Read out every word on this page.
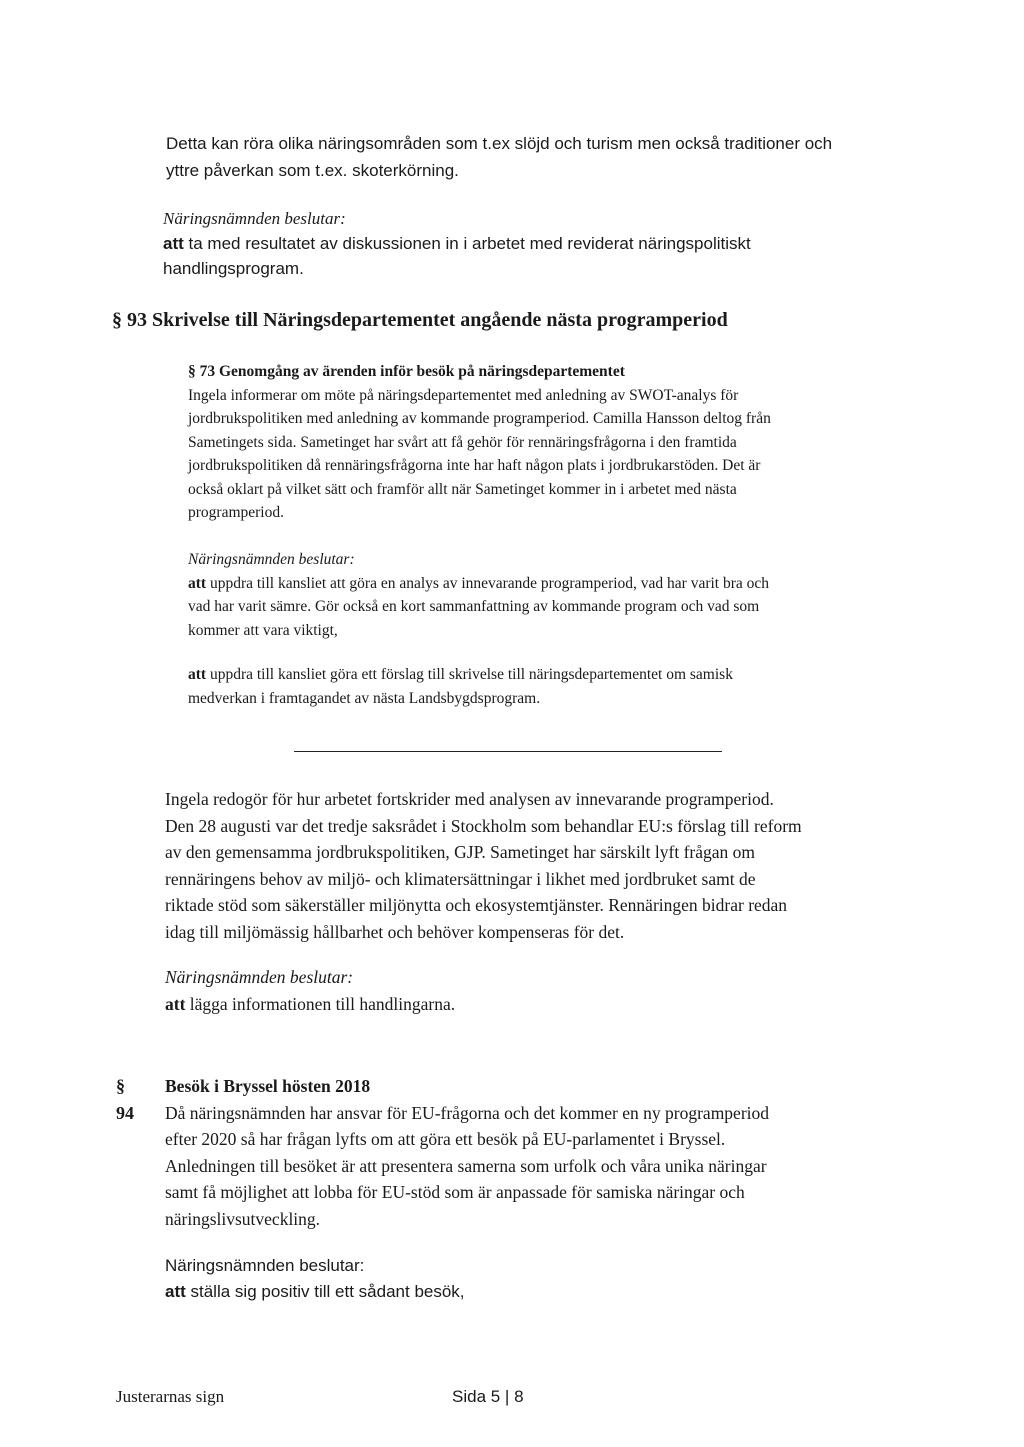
Detta kan röra olika näringsområden som t.ex slöjd och turism men också traditioner och

yttre påverkan som t.ex. skoterkörning.

Näringsnämnden beslutar:

att ta med resultatet av diskussionen in i arbetet med reviderat näringspolitiskt

handlingsprogram.

§ 93 Skrivelse till Näringsdepartementet angående nästa programperiod

§ 73 Genomgång av ärenden inför besök på näringsdepartementet

Ingela informerar om möte på näringsdepartementet med anledning av SWOT-analys för

jordbrukspolitiken med anledning av kommande programperiod. Camilla Hansson deltog från

Sametingets sida. Sametinget har svårt att få gehör för rennäringsfrågorna i den framtida

jordbrukspolitiken då rennäringsfrågorna inte har haft någon plats i jordbrukarstöden. Det är

också oklart på vilket sätt och framför allt när Sametinget kommer in i arbetet med nästa

programperiod.

Näringsnämnden beslutar:

att uppdra till kansliet att göra en analys av innevarande programperiod, vad har varit bra och

vad har varit sämre. Gör också en kort sammanfattning av kommande program och vad som

kommer att vara viktigt,

att uppdra till kansliet göra ett förslag till skrivelse till näringsdepartementet om samisk

medverkan i framtagandet av nästa Landsbygdsprogram.

Ingela redogör för hur arbetet fortskrider med analysen av innevarande programperiod.

Den 28 augusti var det tredje saksrådet i Stockholm som behandlar EU:s förslag till reform

av den gemensamma jordbrukspolitiken, GJP. Sametinget har särskilt lyft frågan om

rennäringens behov av miljö- och klimatersättningar i likhet med jordbruket samt de

riktade stöd som säkerställer miljönytta och ekosystemtjänster. Rennäringen bidrar redan

idag till miljömässig hållbarhet och behöver kompenseras för det.

Näringsnämnden beslutar:

att lägga informationen till handlingarna.

§ 94

Besök i Bryssel hösten 2018

Då näringsnämnden har ansvar för EU-frågorna och det kommer en ny programperiod

efter 2020 så har frågan lyfts om att göra ett besök på EU-parlamentet i Bryssel.

Anledningen till besöket är att presentera samerna som urfolk och våra unika näringar

samt få möjlighet att lobba för EU-stöd som är anpassade för samiska näringar och

näringslivsutveckling.

Näringsnämnden beslutar:

att ställa sig positiv till ett sådant besök,

Justerarnas sign	Sida 5 | 8
